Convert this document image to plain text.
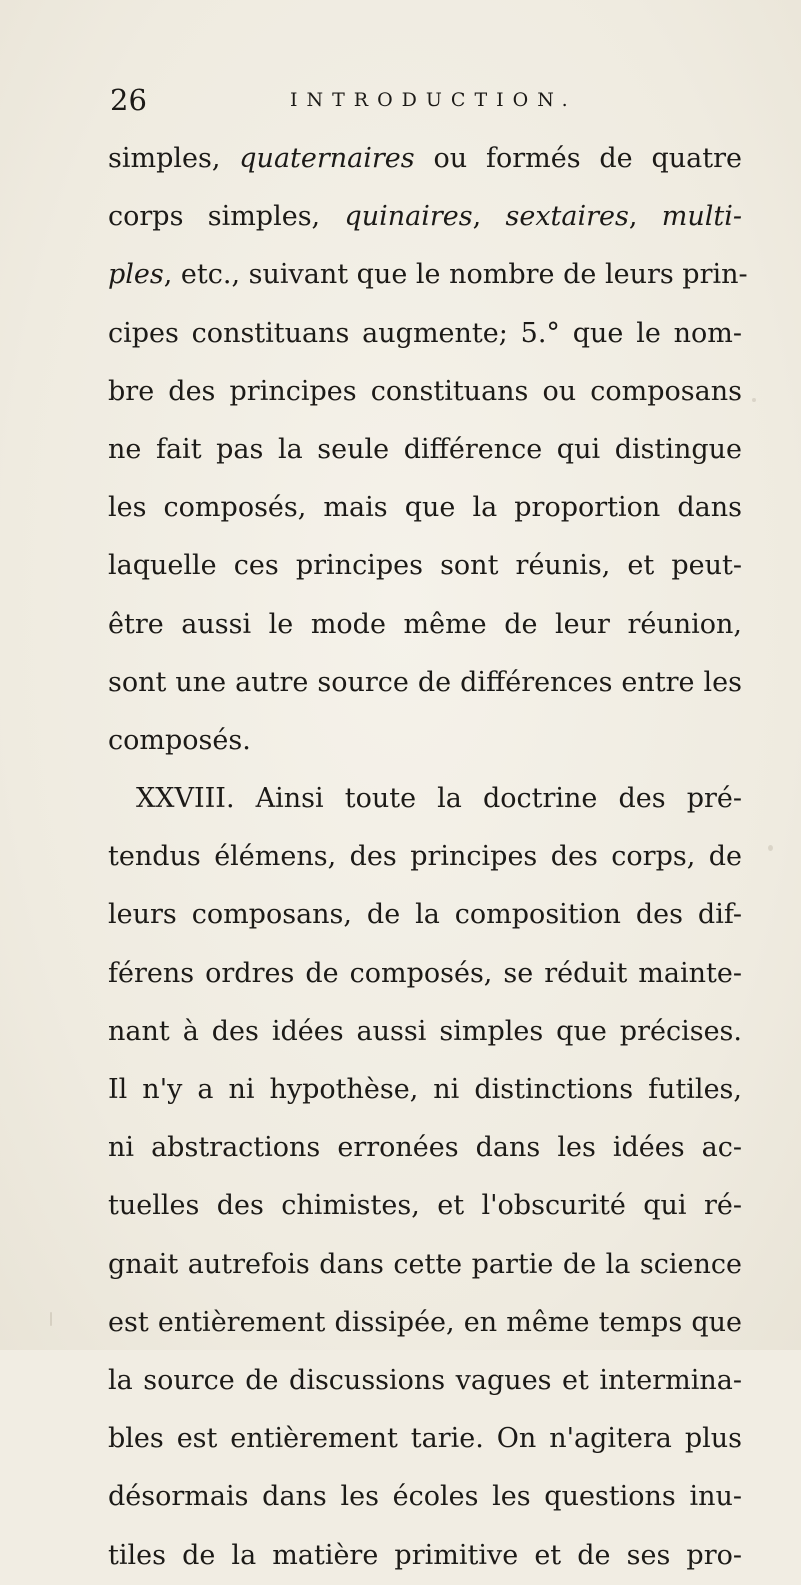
26	INTRODUCTION.
simples, quaternaires ou formés de quatre
corps simples, quinaires, sextaires, multi-
ples, etc., suivant que le nombre de leurs prin-
cipes constituans augmente; 5.° que le nom-
bre des principes constituans ou composans
ne fait pas la seule différence qui distingue
les composés, mais que la proportion dans
laquelle ces principes sont réunis, et peut-
être aussi le mode même de leur réunion,
sont une autre source de différences entre les
composés.
XXVIII. Ainsi toute la doctrine des pré-
tendus élémens, des principes des corps, de
leurs composans, de la composition des dif-
férens ordres de composés, se réduit mainte-
nant à des idées aussi simples que précises.
Il n'y a ni hypothèse, ni distinctions futiles,
ni abstractions erronées dans les idées ac-
tuelles des chimistes, et l'obscurité qui ré-
gnait autrefois dans cette partie de la science
est entièrement dissipée, en même temps que
la source de discussions vagues et intermina-
bles est entièrement tarie. On n'agitera plus
désormais dans les écoles les questions inu-
tiles de la matière primitive et de ses pro-
